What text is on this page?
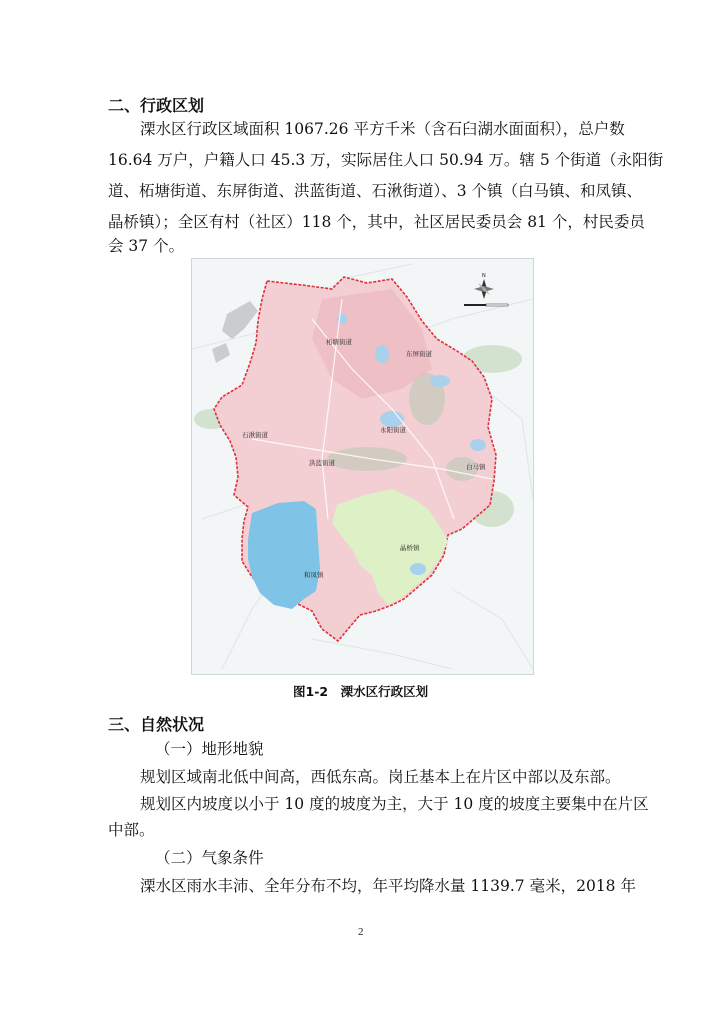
二、行政区划
溧水区行政区域面积 1067.26 平方千米（含石臼湖水面面积），总户数
16.64 万户，户籍人口 45.3 万，实际居住人口 50.94 万。辖 5 个街道（永阳街
道、柘塘街道、东屏街道、洪蓝街道、石湫街道）、3 个镇（白马镇、和凤镇、
晶桥镇）；全区有村（社区）118 个，其中，社区居民委员会 81 个，村民委员
会 37 个。
柘塘街道
东屏街道
石湫街道
永阳街道
洪蓝街道	白马镇
晶桥镇
和凤镇
N
图1-2　溧水区行政区划
三、自然状况
（一）地形地貌
规划区域南北低中间高，西低东高。岗丘基本上在片区中部以及东部。
规划区内坡度以小于 10 度的坡度为主，大于 10 度的坡度主要集中在片区
中部。
（二）气象条件
溧水区雨水丰沛、全年分布不均，年平均降水量 1139.7 毫米，2018 年
2
